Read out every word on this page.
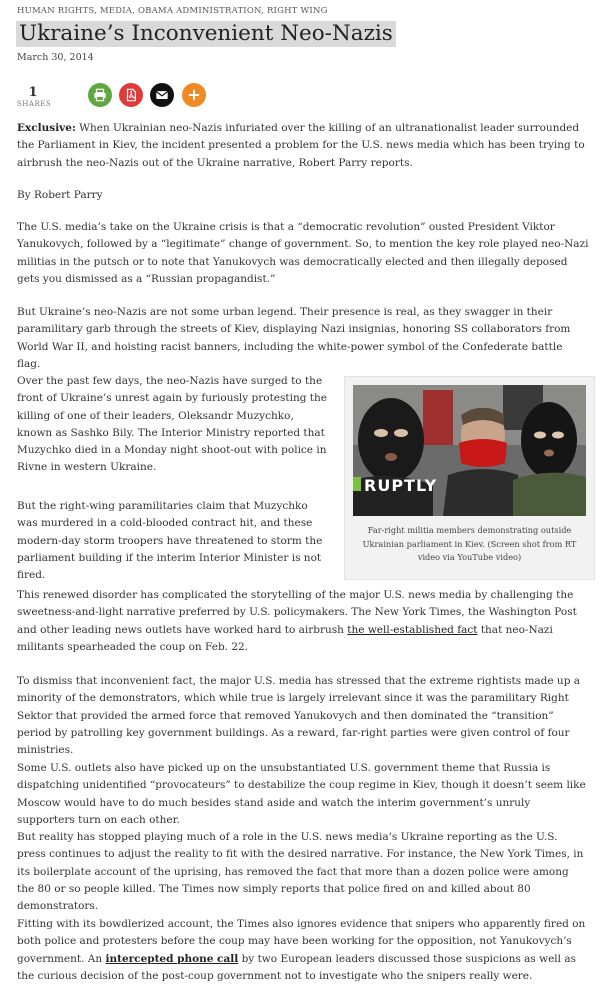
HUMAN RIGHTS, MEDIA, OBAMA ADMINISTRATION, RIGHT WING
Ukraine’s Inconvenient Neo-Nazis
March 30, 2014
1
SHARES
Exclusive: When Ukrainian neo-Nazis infuriated over the killing of an ultranationalist leader surrounded the Parliament in Kiev, the incident presented a problem for the U.S. news media which has been trying to airbrush the neo-Nazis out of the Ukraine narrative, Robert Parry reports.
By Robert Parry
The U.S. media’s take on the Ukraine crisis is that a “democratic revolution” ousted President Viktor Yanukovych, followed by a “legitimate” change of government. So, to mention the key role played neo-Nazi militias in the putsch or to note that Yanukovych was democratically elected and then illegally deposed gets you dismissed as a “Russian propagandist.”
But Ukraine’s neo-Nazis are not some urban legend. Their presence is real, as they swagger in their paramilitary garb through the streets of Kiev, displaying Nazi insignias, honoring SS collaborators from World War II, and hoisting racist banners, including the white-power symbol of the Confederate battle flag.
Over the past few days, the neo-Nazis have surged to the front of Ukraine’s unrest again by furiously protesting the killing of one of their leaders, Oleksandr Muzychko, known as Sashko Bily. The Interior Ministry reported that Muzychko died in a Monday night shoot-out with police in Rivne in western Ukraine.
But the right-wing paramilitaries claim that Muzychko was murdered in a cold-blooded contract hit, and these modern-day storm troopers have threatened to storm the parliament building if the interim Interior Minister is not fired.
RUPTLY
Far-right militia members demonstrating outside Ukrainian parliament in Kiev. (Screen shot from RT video via YouTube video)
This renewed disorder has complicated the storytelling of the major U.S. news media by challenging the sweetness-and-light narrative preferred by U.S. policymakers. The New York Times, the Washington Post and other leading news outlets have worked hard to airbrush the well-established fact that neo-Nazi militants spearheaded the coup on Feb. 22.
To dismiss that inconvenient fact, the major U.S. media has stressed that the extreme rightists made up a minority of the demonstrators, which while true is largely irrelevant since it was the paramilitary Right Sektor that provided the armed force that removed Yanukovych and then dominated the “transition” period by patrolling key government buildings. As a reward, far-right parties were given control of four ministries.
Some U.S. outlets also have picked up on the unsubstantiated U.S. government theme that Russia is dispatching unidentified “provocateurs” to destabilize the coup regime in Kiev, though it doesn’t seem like Moscow would have to do much besides stand aside and watch the interim government’s unruly supporters turn on each other.
But reality has stopped playing much of a role in the U.S. news media’s Ukraine reporting as the U.S. press continues to adjust the reality to fit with the desired narrative. For instance, the New York Times, in its boilerplate account of the uprising, has removed the fact that more than a dozen police were among the 80 or so people killed. The Times now simply reports that police fired on and killed about 80 demonstrators.
Fitting with its bowdlerized account, the Times also ignores evidence that snipers who apparently fired on both police and protesters before the coup may have been working for the opposition, not Yanukovych’s government. An intercepted phone call by two European leaders discussed those suspicions as well as the curious decision of the post-coup government not to investigate who the snipers really were.
